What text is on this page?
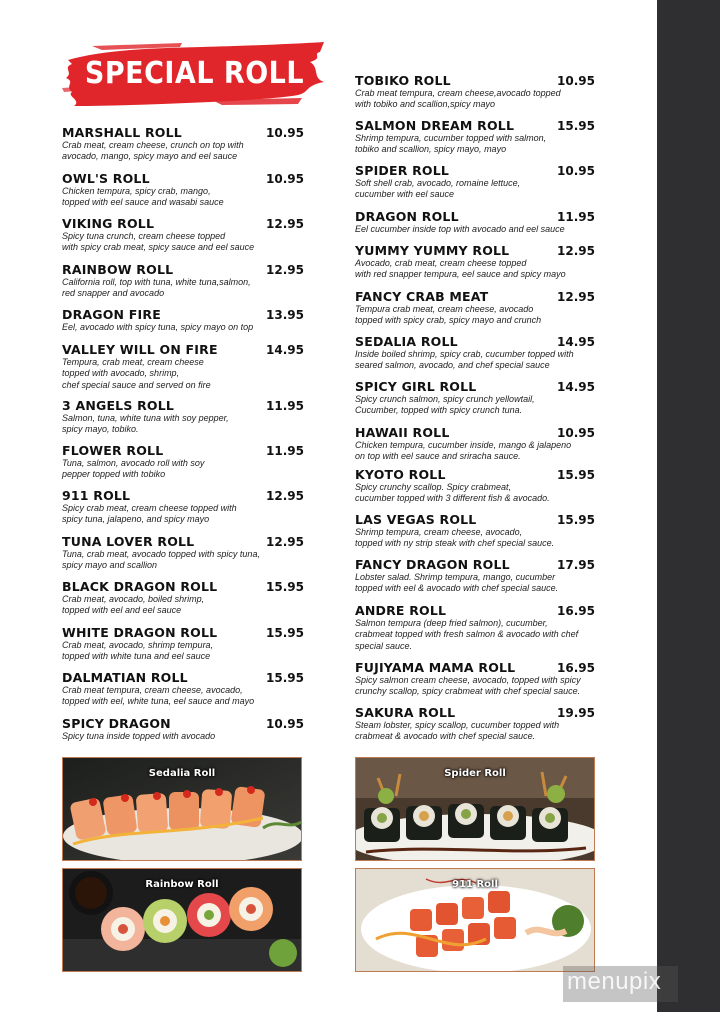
SPECIAL ROLL
MARSHALL ROLL	10.95
Crab meat, cream cheese, crunch on top with
avocado, mango, spicy mayo and eel sauce
OWL'S ROLL	10.95
Chicken tempura, spicy crab, mango,
topped with eel sauce and wasabi sauce
VIKING ROLL	12.95
Spicy tuna crunch, cream cheese topped
with spicy crab meat, spicy sauce and eel sauce
RAINBOW ROLL	12.95
California roll, top with tuna, white tuna,salmon,
red snapper and avocado
DRAGON FIRE	13.95
Eel, avocado with spicy tuna, spicy mayo on top
VALLEY WILL ON FIRE	14.95
Tempura, crab meat, cream cheese
topped with avocado, shrimp,
chef special sauce and served on fire
3 ANGELS ROLL	11.95
Salmon, tuna, white tuna with soy pepper,
spicy mayo, tobiko.
FLOWER ROLL	11.95
Tuna, salmon, avocado roll with soy
pepper topped with tobiko
911 ROLL	12.95
Spicy crab meat, cream cheese topped with
spicy tuna, jalapeno, and spicy mayo
TUNA LOVER ROLL	12.95
Tuna, crab meat, avocado topped with spicy tuna,
spicy mayo and scallion
BLACK DRAGON ROLL	15.95
Crab meat, avocado, boiled shrimp,
topped with eel and eel sauce
WHITE DRAGON ROLL	15.95
Crab meat, avocado, shrimp tempura,
topped with white tuna and eel sauce
DALMATIAN ROLL	15.95
Crab meat tempura, cream cheese, avocado,
topped with eel, white tuna, eel sauce and mayo
SPICY DRAGON	10.95
Spicy tuna inside topped with avocado
TOBIKO ROLL	10.95
Crab meat tempura, cream cheese,avocado topped
with tobiko and scallion,spicy mayo
SALMON DREAM ROLL	15.95
Shrimp tempura, cucumber topped with salmon,
tobiko and scallion, spicy mayo, mayo
SPIDER ROLL	10.95
Soft shell crab, avocado, romaine lettuce,
cucumber with eel sauce
DRAGON ROLL	11.95
Eel cucumber inside top with avocado and eel sauce
YUMMY YUMMY ROLL	12.95
Avocado, crab meat, cream cheese topped
with red snapper tempura, eel sauce and spicy mayo
FANCY CRAB MEAT	12.95
Tempura crab meat, cream cheese, avocado
topped with spicy crab, spicy mayo and crunch
SEDALIA ROLL	14.95
Inside boiled shrimp, spicy crab, cucumber topped with
seared salmon, avocado, and chef special sauce
SPICY GIRL ROLL	14.95
Spicy crunch salmon, spicy crunch yellowtail,
Cucumber, topped with spicy crunch tuna.
HAWAII ROLL	10.95
Chicken tempura, cucumber inside, mango & jalapeno
on top with eel sauce and sriracha sauce.
KYOTO ROLL	15.95
Spicy crunchy scallop. Spicy crabmeat,
cucumber topped with 3 different fish & avocado.
LAS VEGAS ROLL	15.95
Shrimp tempura, cream cheese, avocado,
topped with ny strip steak with chef special sauce.
FANCY DRAGON ROLL	17.95
Lobster salad. Shrimp tempura, mango, cucumber
topped with eel & avocado with chef special sauce.
ANDRE ROLL	16.95
Salmon tempura (deep fried salmon), cucumber,
crabmeat topped with fresh salmon & avocado with chef
special sauce.
FUJIYAMA MAMA ROLL	16.95
Spicy salmon cream cheese, avocado, topped with spicy
crunchy scallop, spicy crabmeat with chef special sauce.
SAKURA ROLL	19.95
Steam lobster, spicy scallop, cucumber topped with
crabmeat & avocado with chef special sauce.
Sedalia Roll	Spider Roll
Rainbow Roll	911 Roll
menupix
